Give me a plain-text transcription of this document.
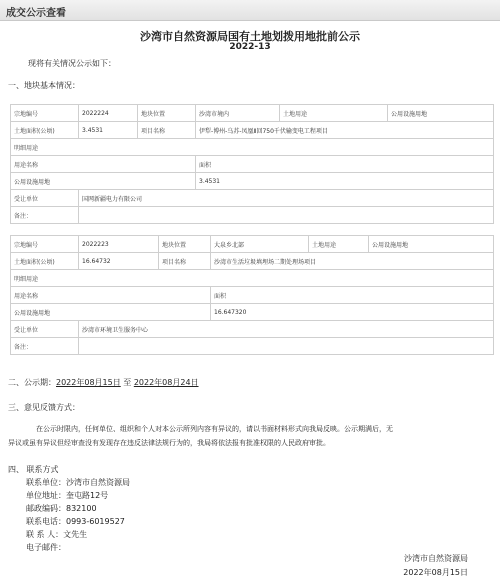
成交公示查看
沙湾市自然资源局国有土地划拨用地批前公示
2022-13
现将有关情况公示如下：
一、地块基本情况：
宗地编号	2022224	地块位置	沙湾市境内	土地用途	公用设施用地
土地面积(公顷)	3.4531	项目名称	伊犁-博州-乌苏-凤凰Ⅱ回750千伏输变电工程项目		
明细用途					
用途名称			面积		
公用设施用地			3.4531		
受让单位	国网新疆电力有限公司				
备注：					
宗地编号	2022223	地块位置	大泉乡北部	土地用途	公用设施用地
土地面积(公顷)	16.64732	项目名称	沙湾市生活垃圾填埋场二期处理场项目		
明细用途					
用途名称			面积		
公用设施用地			16.647320		
受让单位	沙湾市环境卫生服务中心				
备注：					
二、公示期：2022年08月15日 至 2022年08月24日
三、意见反馈方式：
在公示时限内，任何单位、组织和个人对本公示所列内容有异议的，请以书面材料形式向我局反映。公示期满后，无
异议或虽有异议但经审查没有发现存在违反法律法规行为的，我局将依法报有批准权限的人民政府审批。
四、 联系方式
联系单位：沙湾市自然资源局
单位地址：奎屯路12号
邮政编码：832100
联系电话：0993-6019527
联 系 人：文先生
电子邮件：
沙湾市自然资源局
2022年08月15日
